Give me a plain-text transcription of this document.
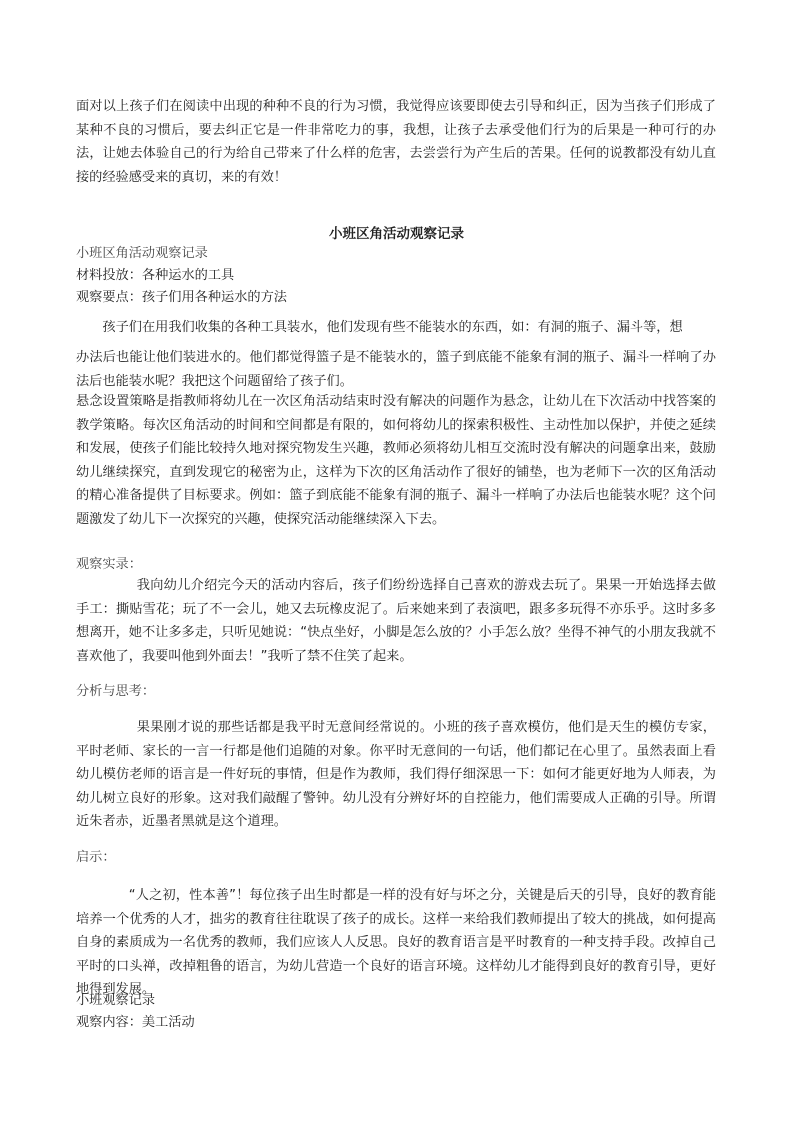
面对以上孩子们在阅读中出现的种种不良的行为习惯，我觉得应该要即使去引导和纠正，因为当孩子们形成了某种不良的习惯后，要去纠正它是一件非常吃力的事，我想，让孩子去承受他们行为的后果是一种可行的办法，让她去体验自己的行为给自己带来了什么样的危害，去尝尝行为产生后的苦果。任何的说教都没有幼儿直接的经验感受来的真切，来的有效！

小班区角活动观察记录
小班区角活动观察记录
材料投放：各种运水的工具
观察要点：孩子们用各种运水的方法

孩子们在用我们收集的各种工具装水，他们发现有些不能装水的东西，如：有洞的瓶子、漏斗等，想

办法后也能让他们装进水的。他们都觉得篮子是不能装水的，篮子到底能不能象有洞的瓶子、漏斗一样响了办法后也能装水呢？我把这个问题留给了孩子们。

悬念设置策略是指教师将幼儿在一次区角活动结束时没有解决的问题作为悬念，让幼儿在下次活动中找答案的教学策略。每次区角活动的时间和空间都是有限的，如何将幼儿的探索积极性、主动性加以保护，并使之延续和发展，使孩子们能比较持久地对探究物发生兴趣，教师必须将幼儿相互交流时没有解决的问题拿出来，鼓励幼儿继续探究，直到发现它的秘密为止，这样为下次的区角活动作了很好的铺垫，也为老师下一次的区角活动的精心准备提供了目标要求。例如：篮子到底能不能象有洞的瓶子、漏斗一样响了办法后也能装水呢？这个问题激发了幼儿下一次探究的兴趣，使探究活动能继续深入下去。

观察实录：

我向幼儿介绍完今天的活动内容后，孩子们纷纷选择自己喜欢的游戏去玩了。果果一开始选择去做手工：撕贴雪花；玩了不一会儿，她又去玩橡皮泥了。后来她来到了表演吧，跟多多玩得不亦乐乎。这时多多想离开，她不让多多走，只听见她说：“快点坐好，小脚是怎么放的？小手怎么放？坐得不神气的小朋友我就不喜欢他了，我要叫他到外面去！”我听了禁不住笑了起来。

分析与思考：

果果刚才说的那些话都是我平时无意间经常说的。小班的孩子喜欢模仿，他们是天生的模仿专家，平时老师、家长的一言一行都是他们追随的对象。你平时无意间的一句话，他们都记在心里了。虽然表面上看幼儿模仿老师的语言是一件好玩的事情，但是作为教师，我们得仔细深思一下：如何才能更好地为人师表，为幼儿树立良好的形象。这对我们敲醒了警钟。幼儿没有分辨好坏的自控能力，他们需要成人正确的引导。所谓近朱者赤，近墨者黑就是这个道理。

启示：

“人之初，性本善”！每位孩子出生时都是一样的没有好与坏之分，关键是后天的引导，良好的教育能培养一个优秀的人才，拙劣的教育往往耽误了孩子的成长。这样一来给我们教师提出了较大的挑战，如何提高自身的素质成为一名优秀的教师，我们应该人人反思。良好的教育语言是平时教育的一种支持手段。改掉自己平时的口头禅，改掉粗鲁的语言，为幼儿营造一个良好的语言环境。这样幼儿才能得到良好的教育引导，更好地得到发展。

小班观察记录
观察内容：美工活动
